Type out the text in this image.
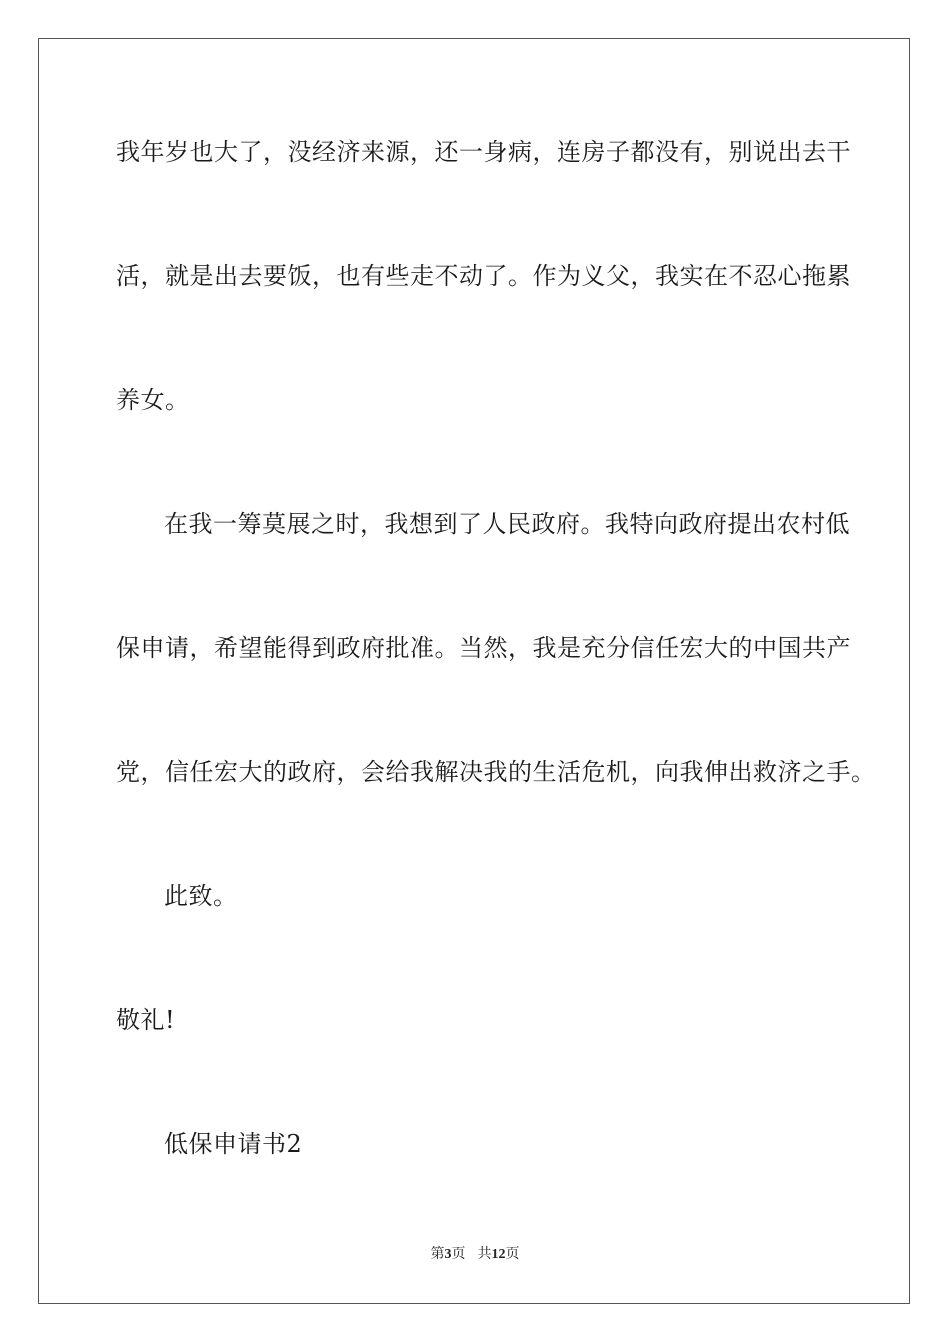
我年岁也大了，没经济来源，还一身病，连房子都没有，别说出去干
活，就是出去要饭，也有些走不动了。作为义父，我实在不忍心拖累
养女。
在我一筹莫展之时，我想到了人民政府。我特向政府提出农村低
保申请，希望能得到政府批准。当然，我是充分信任宏大的中国共产
党，信任宏大的政府，会给我解决我的生活危机，向我伸出救济之手。
此致。
敬礼!
低保申请书2
第3页 共12页
